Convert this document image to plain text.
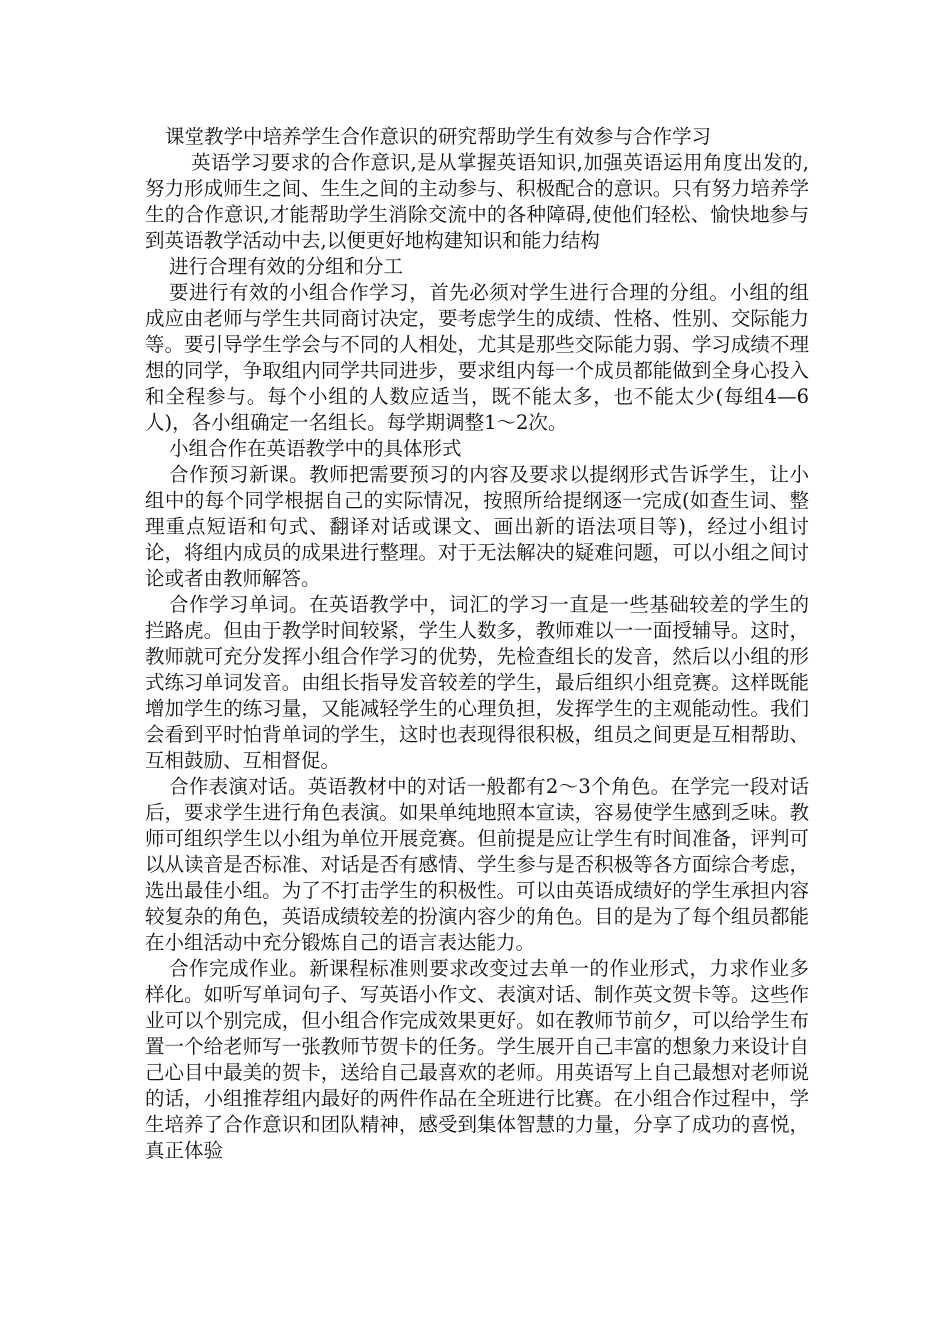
课堂教学中培养学生合作意识的研究帮助学生有效参与合作学习

英语学习要求的合作意识,是从掌握英语知识,加强英语运用角度出发的,努力形成师生之间、生生之间的主动参与、积极配合的意识。只有努力培养学生的合作意识,才能帮助学生消除交流中的各种障碍,使他们轻松、愉快地参与到英语教学活动中去,以便更好地构建知识和能力结构

进行合理有效的分组和分工

要进行有效的小组合作学习，首先必须对学生进行合理的分组。小组的组成应由老师与学生共同商讨决定，要考虑学生的成绩、性格、性别、交际能力等。要引导学生学会与不同的人相处，尤其是那些交际能力弱、学习成绩不理想的同学，争取组内同学共同进步，要求组内每一个成员都能做到全身心投入和全程参与。每个小组的人数应适当，既不能太多，也不能太少(每组4—6人)，各小组确定一名组长。每学期调整1～2次。

小组合作在英语教学中的具体形式

合作预习新课。教师把需要预习的内容及要求以提纲形式告诉学生，让小组中的每个同学根据自己的实际情况，按照所给提纲逐一完成(如查生词、整理重点短语和句式、翻译对话或课文、画出新的语法项目等)，经过小组讨论，将组内成员的成果进行整理。对于无法解决的疑难问题，可以小组之间讨论或者由教师解答。

合作学习单词。在英语教学中，词汇的学习一直是一些基础较差的学生的拦路虎。但由于教学时间较紧，学生人数多，教师难以一一面授辅导。这时，教师就可充分发挥小组合作学习的优势，先检查组长的发音，然后以小组的形式练习单词发音。由组长指导发音较差的学生，最后组织小组竞赛。这样既能增加学生的练习量，又能减轻学生的心理负担，发挥学生的主观能动性。我们会看到平时怕背单词的学生，这时也表现得很积极，组员之间更是互相帮助、互相鼓励、互相督促。

合作表演对话。英语教材中的对话一般都有2～3个角色。在学完一段对话后，要求学生进行角色表演。如果单纯地照本宣读，容易使学生感到乏味。教师可组织学生以小组为单位开展竞赛。但前提是应让学生有时间准备，评判可以从读音是否标准、对话是否有感情、学生参与是否积极等各方面综合考虑，选出最佳小组。为了不打击学生的积极性。可以由英语成绩好的学生承担内容较复杂的角色，英语成绩较差的扮演内容少的角色。目的是为了每个组员都能在小组活动中充分锻炼自己的语言表达能力。

合作完成作业。新课程标准则要求改变过去单一的作业形式，力求作业多样化。如听写单词句子、写英语小作文、表演对话、制作英文贺卡等。这些作业可以个别完成，但小组合作完成效果更好。如在教师节前夕，可以给学生布置一个给老师写一张教师节贺卡的任务。学生展开自己丰富的想象力来设计自己心目中最美的贺卡，送给自己最喜欢的老师。用英语写上自己最想对老师说的话，小组推荐组内最好的两件作品在全班进行比赛。在小组合作过程中，学生培养了合作意识和团队精神，感受到集体智慧的力量，分享了成功的喜悦，真正体验
